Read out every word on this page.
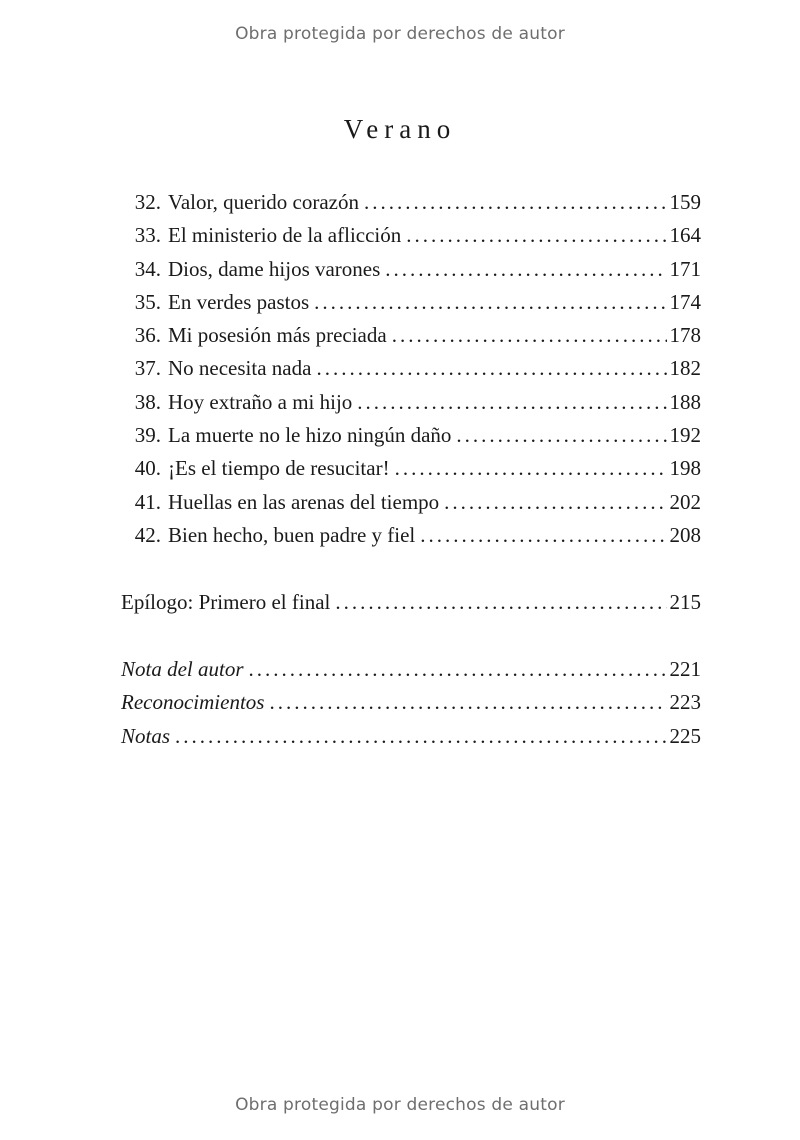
Obra protegida por derechos de autor
Verano
32. Valor, querido corazón .....	159
33. El ministerio de la aflicción .....	164
34. Dios, dame hijos varones .....	171
35. En verdes pastos .....	174
36. Mi posesión más preciada .....	178
37. No necesita nada .....	182
38. Hoy extraño a mi hijo .....	188
39. La muerte no le hizo ningún daño .....	192
40. ¡Es el tiempo de resucitar! .....	198
41. Huellas en las arenas del tiempo .....	202
42. Bien hecho, buen padre y fiel .....	208
Epílogo: Primero el final .....	215
Nota del autor .....	221
Reconocimientos .....	223
Notas .....	225
Obra protegida por derechos de autor
